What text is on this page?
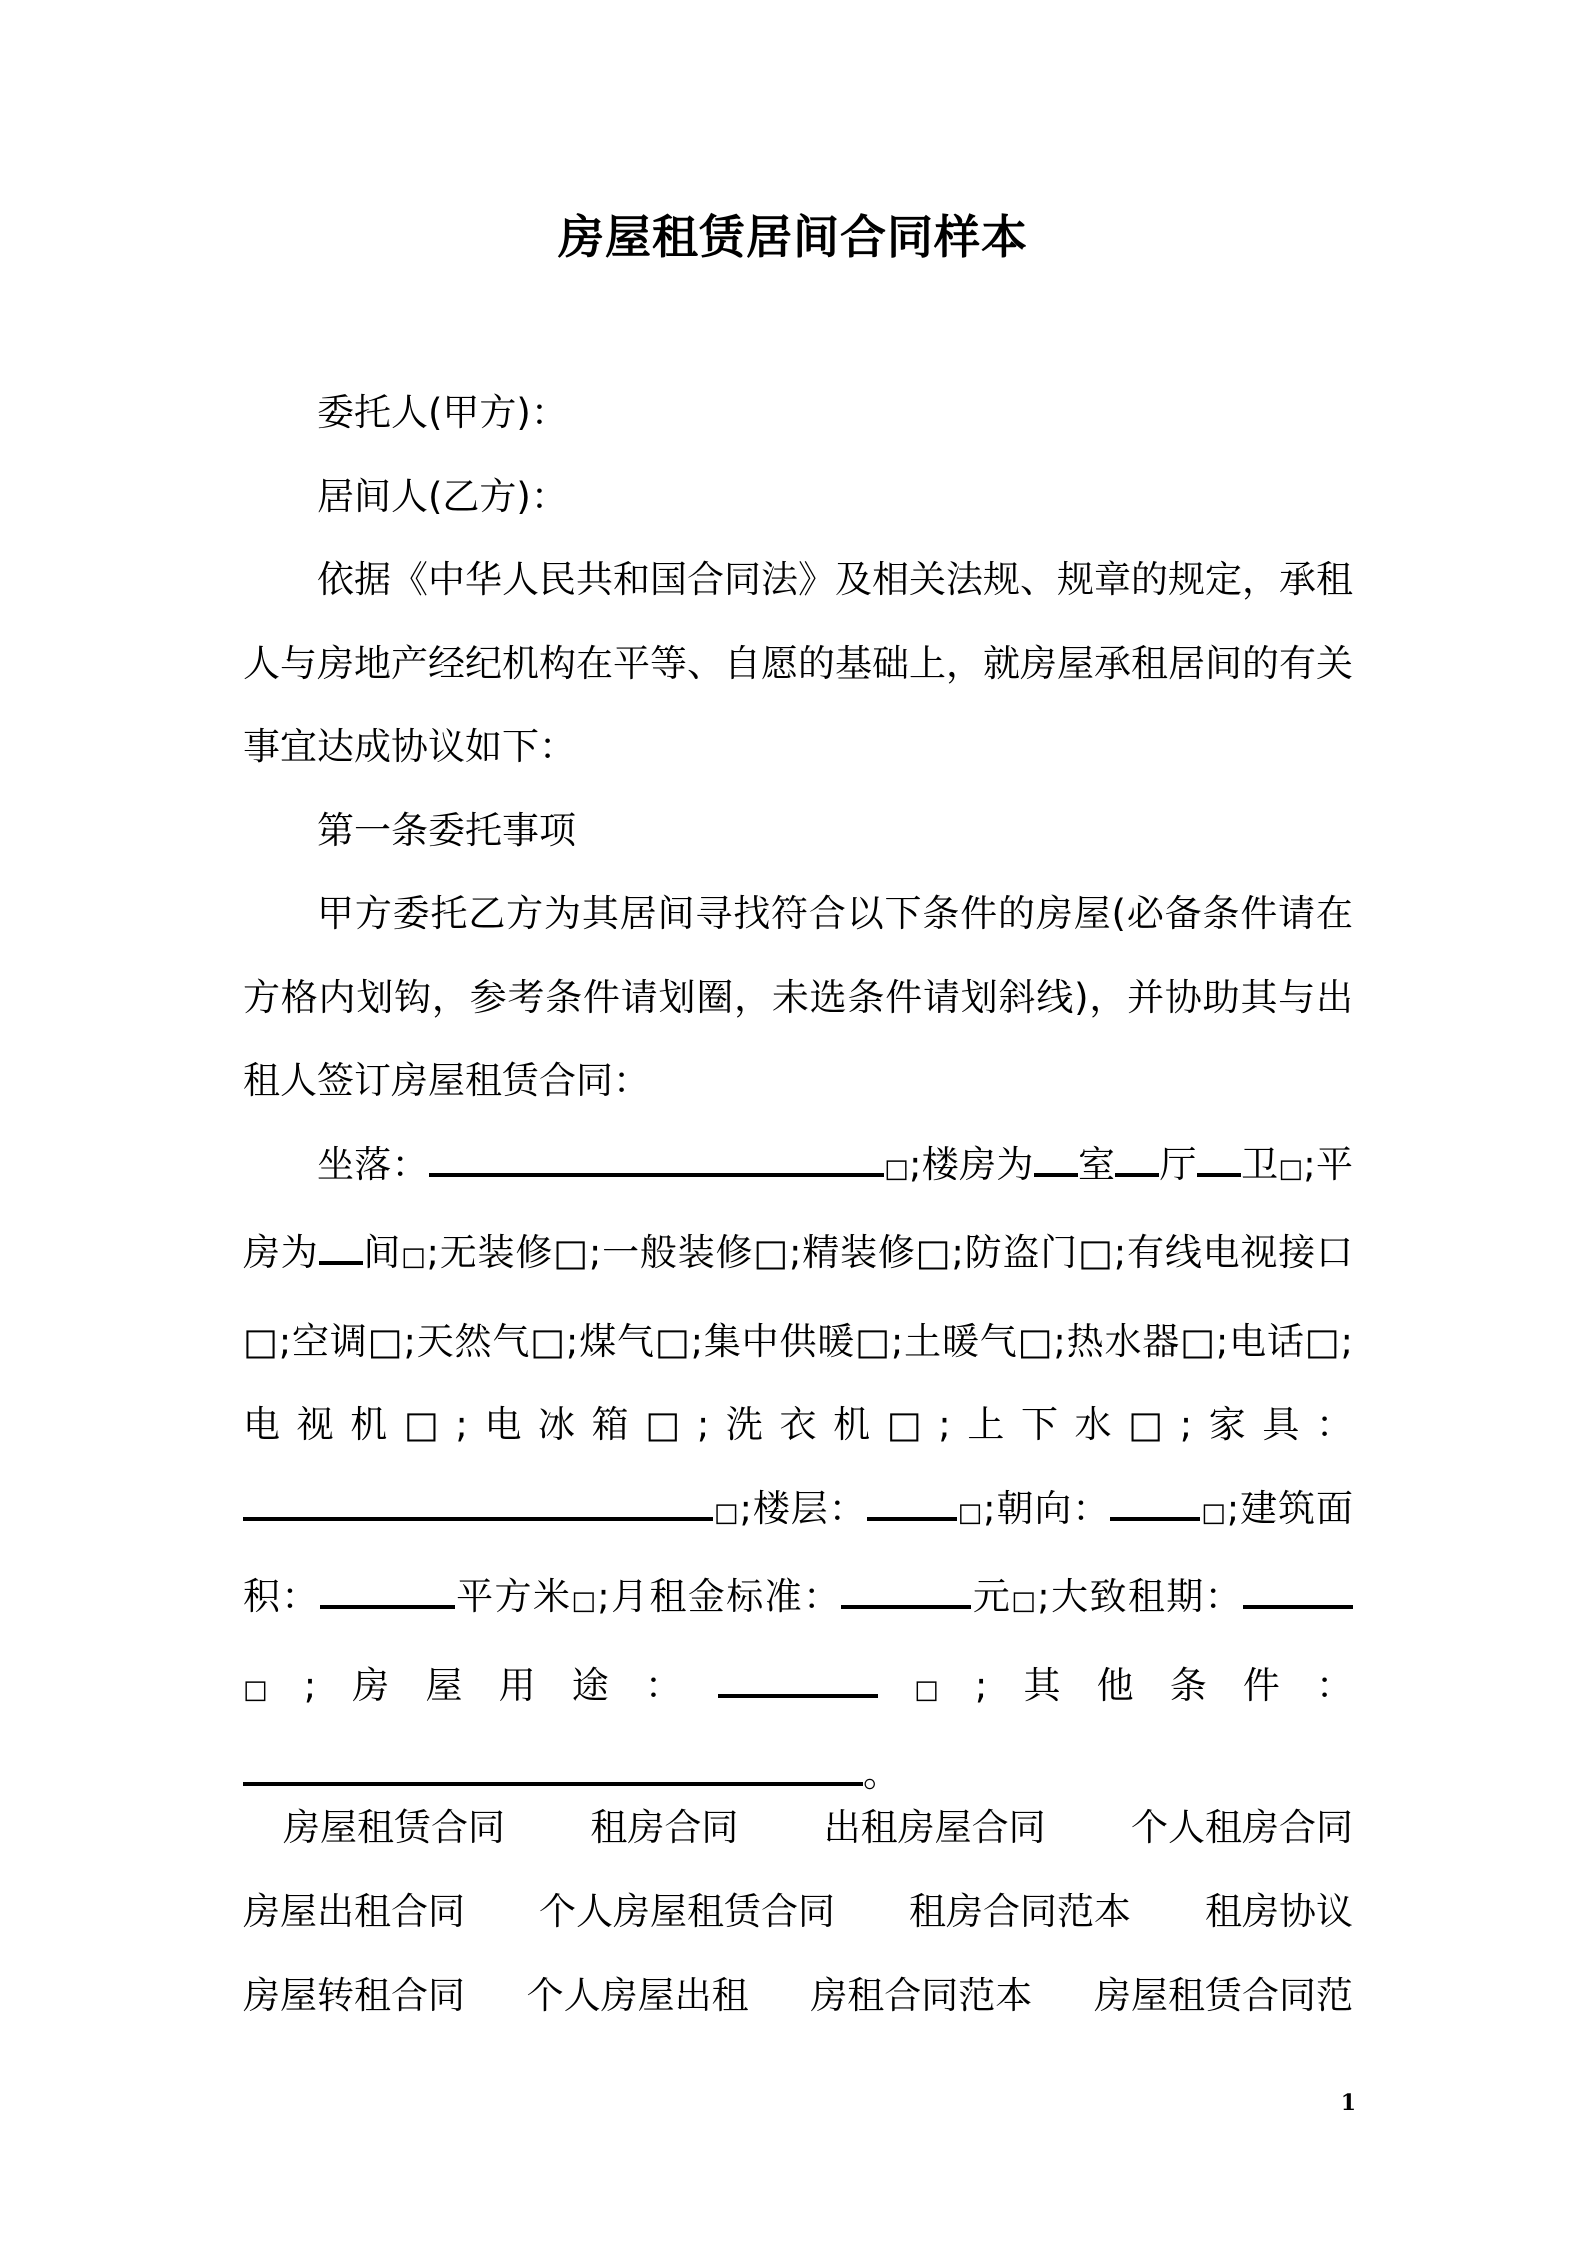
房屋租赁居间合同样本

委托人(甲方)：

居间人(乙方)：

依据《中华人民共和国合同法》及相关法规、规章的规定，承租人与房地产经纪机构在平等、自愿的基础上，就房屋承租居间的有关事宜达成协议如下：

第一条委托事项

甲方委托乙方为其居间寻找符合以下条件的房屋(必备条件请在方格内划钩，参考条件请划圈，未选条件请划斜线)，并协助其与出租人签订房屋租赁合同：

坐落：	□;楼房为 室 厅 卫□;平房为 间□;无装修□;一般装修□;精装修□;防盗门□;有线电视接口□;空调□;天然气□;煤气□;集中供暖□;土暖气□;热水器□;电话□;电视机□;电冰箱□;洗衣机□;上下水□;家具：□;楼层：	□;朝向：	□;建筑面积：	平方米□;月租金标准：	元□;大致租期：□;房屋用途：	□;其他条件：。

房屋租赁合同 租房合同 出租房屋合同 个人租房合同
房屋出租合同 个人房屋租赁合同 租房合同范本 租房协议
房屋转租合同 个人房屋出租 房租合同范本 房屋租赁合同范
1
